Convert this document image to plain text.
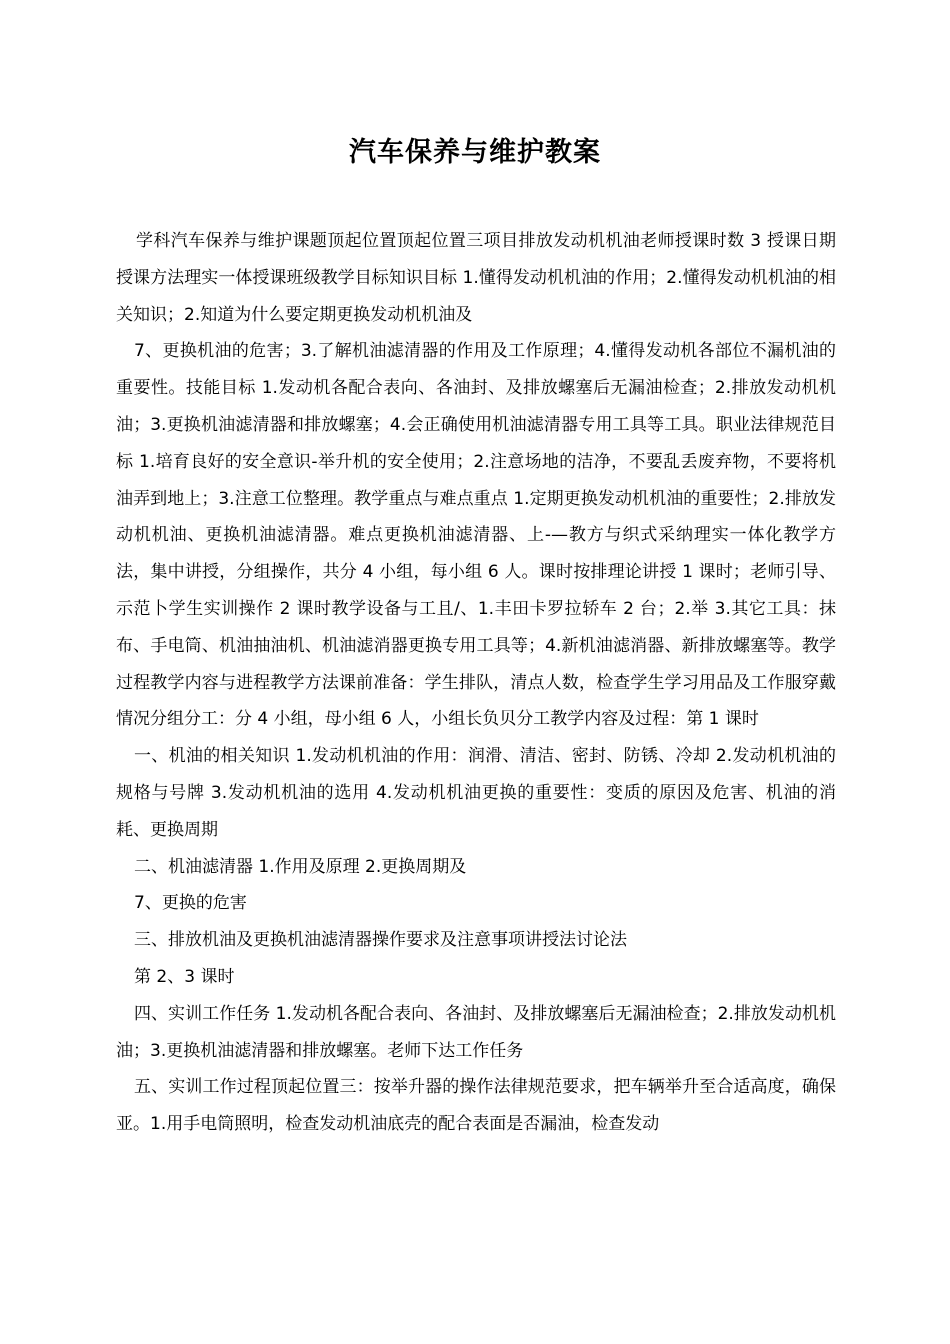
汽车保养与维护教案

学科汽车保养与维护课题顶起位置顶起位置三项目排放发动机机油老师授课时数 3 授课日期授课方法理实一体授课班级教学目标知识目标 1.懂得发动机机油的作用；2.懂得发动机机油的相关知识；2.知道为什么要定期更换发动机机油及

7、更换机油的危害；3.了解机油滤清器的作用及工作原理；4.懂得发动机各部位不漏机油的重要性。技能目标 1.发动机各配合表向、各油封、及排放螺塞后无漏油检查；2.排放发动机机油；3.更换机油滤清器和排放螺塞；4.会正确使用机油滤清器专用工具等工具。职业法律规范目标 1.培育良好的安全意识-举升机的安全使用；2.注意场地的洁净，不要乱丢废弃物，不要将机油弄到地上；3.注意工位整理。教学重点与难点重点 1.定期更换发动机机油的重要性；2.排放发动机机油、更换机油滤清器。难点更换机油滤清器、上-—教方与织式采纳理实一体化教学方法，集中讲授，分组操作，共分 4 小组，每小组 6 人。课时按排理论讲授 1 课时；老师引导、示范卜学生实训操作 2 课时教学设备与工且/、1.丰田卡罗拉轿车 2 台；2.举 3.其它工具：抹布、手电筒、机油抽油机、机油滤消器更换专用工具等；4.新机油滤消器、新排放螺塞等。教学过程教学内容与进程教学方法课前准备：学生排队，清点人数，检查学生学习用品及工作服穿戴情况分组分工：分 4 小组，母小组 6 人，小组长负贝分工教学内容及过程：第 1 课时

一、机油的相关知识 1.发动机机油的作用：润滑、清洁、密封、防锈、冷却 2.发动机机油的规格与号牌 3.发动机机油的选用 4.发动机机油更换的重要性：变质的原因及危害、机油的消耗、更换周期

二、机油滤清器 1.作用及原理 2.更换周期及

7、更换的危害

三、排放机油及更换机油滤清器操作要求及注意事项讲授法讨论法

第 2、3 课时

四、实训工作任务 1.发动机各配合表向、各油封、及排放螺塞后无漏油检查；2.排放发动机机油；3.更换机油滤清器和排放螺塞。老师下达工作任务

五、实训工作过程顶起位置三：按举升器的操作法律规范要求，把车辆举升至合适高度，确保亚。1.用手电筒照明，检查发动机油底壳的配合表面是否漏油，检查发动
